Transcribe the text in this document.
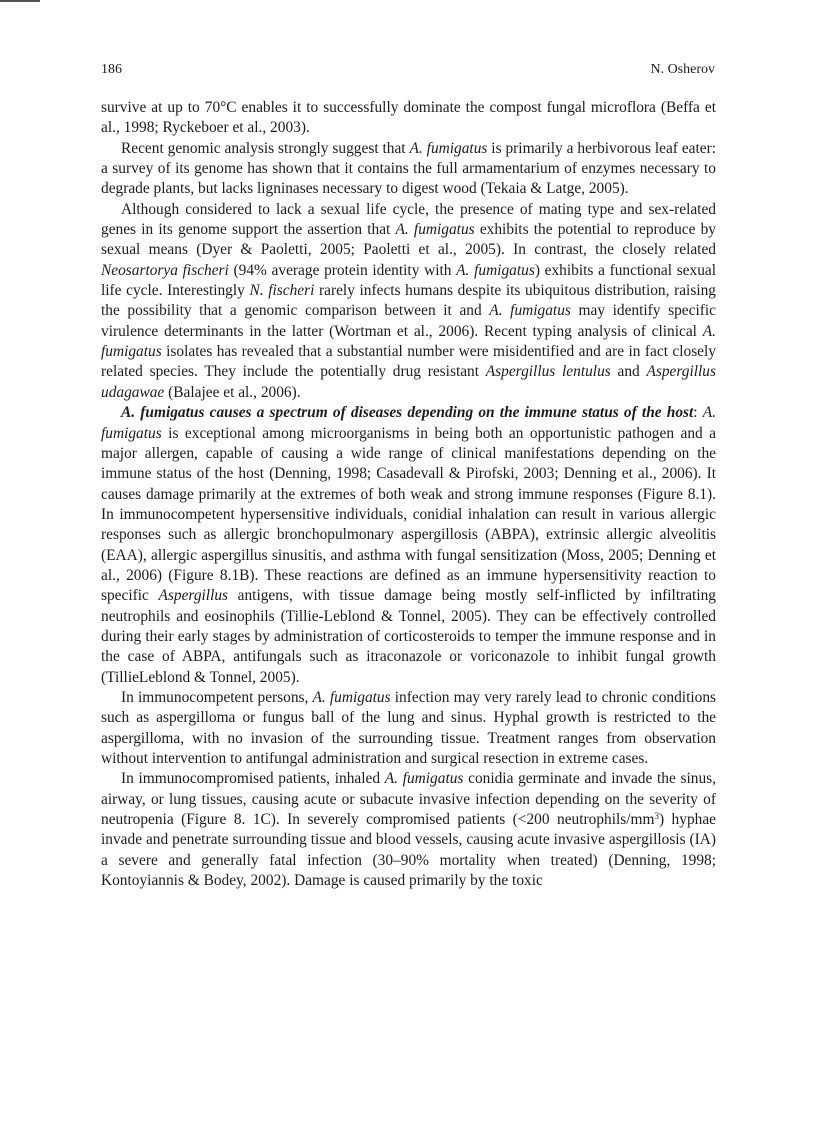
186	N. Osherov

survive at up to 70°C enables it to successfully dominate the compost fungal microflora (Beffa et al., 1998; Ryckeboer et al., 2003).

Recent genomic analysis strongly suggest that A. fumigatus is primarily a herbivorous leaf eater: a survey of its genome has shown that it contains the full armamentarium of enzymes necessary to degrade plants, but lacks ligninases necessary to digest wood (Tekaia & Latge, 2005).

Although considered to lack a sexual life cycle, the presence of mating type and sex-related genes in its genome support the assertion that A. fumigatus exhibits the potential to reproduce by sexual means (Dyer & Paoletti, 2005; Paoletti et al., 2005). In contrast, the closely related Neosartorya fischeri (94% average protein identity with A. fumigatus) exhibits a functional sexual life cycle. Interestingly N. fischeri rarely infects humans despite its ubiquitous distribution, raising the possibility that a genomic comparison between it and A. fumigatus may identify specific virulence determinants in the latter (Wortman et al., 2006). Recent typing analysis of clinical A. fumigatus isolates has revealed that a substantial number were misidentified and are in fact closely related species. They include the potentially drug resistant Aspergillus lentulus and Aspergillus udagawae (Balajee et al., 2006).

A. fumigatus causes a spectrum of diseases depending on the immune status of the host: A. fumigatus is exceptional among microorganisms in being both an opportunistic pathogen and a major allergen, capable of causing a wide range of clinical manifestations depending on the immune status of the host (Denning, 1998; Casadevall & Pirofski, 2003; Denning et al., 2006). It causes damage primarily at the extremes of both weak and strong immune responses (Figure 8.1). In immunocompetent hypersensitive individuals, conidial inhalation can result in various allergic responses such as allergic bronchopulmonary aspergillosis (ABPA), extrinsic allergic alveolitis (EAA), allergic aspergillus sinusitis, and asthma with fungal sensitization (Moss, 2005; Denning et al., 2006) (Figure 8.1B). These reactions are defined as an immune hypersensitivity reaction to specific Aspergillus antigens, with tissue damage being mostly self-inflicted by infiltrating neutrophils and eosinophils (Tillie-Leblond & Tonnel, 2005). They can be effectively controlled during their early stages by administration of corticosteroids to temper the immune response and in the case of ABPA, antifungals such as itraconazole or voriconazole to inhibit fungal growth (TillieLeblond & Tonnel, 2005).

In immunocompetent persons, A. fumigatus infection may very rarely lead to chronic conditions such as aspergilloma or fungus ball of the lung and sinus. Hyphal growth is restricted to the aspergilloma, with no invasion of the surrounding tissue. Treatment ranges from observation without intervention to antifungal administration and surgical resection in extreme cases.

In immunocompromised patients, inhaled A. fumigatus conidia germinate and invade the sinus, airway, or lung tissues, causing acute or subacute invasive infection depending on the severity of neutropenia (Figure 8. 1C). In severely compromised patients (<200 neutrophils/$mm^3$) hyphae invade and penetrate surrounding tissue and blood vessels, causing acute invasive aspergillosis (IA) a severe and generally fatal infection (30–90% mortality when treated) (Denning, 1998; Kontoyiannis & Bodey, 2002). Damage is caused primarily by the toxic
